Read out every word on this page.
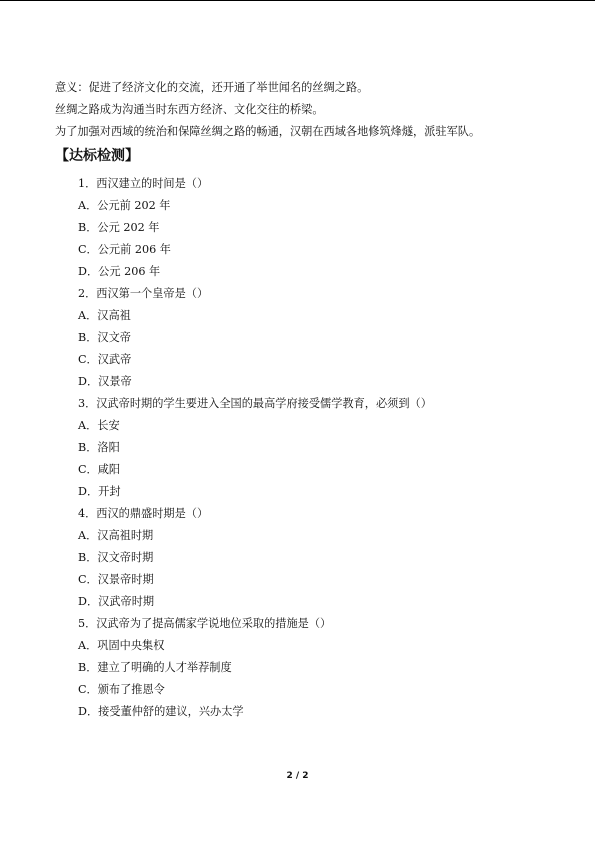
意义：促进了经济文化的交流，还开通了举世闻名的丝绸之路。

丝绸之路成为沟通当时东西方经济、文化交往的桥梁。

为了加强对西域的统治和保障丝绸之路的畅通，汉朝在西域各地修筑烽燧，派驻军队。

【达标检测】
1．西汉建立的时间是（）
A．公元前 202 年
B．公元 202 年
C．公元前 206 年
D．公元 206 年
2．西汉第一个皇帝是（）
A．汉高祖
B．汉文帝
C．汉武帝
D．汉景帝
3．汉武帝时期的学生要进入全国的最高学府接受儒学教育，必须到（）
A．长安
B．洛阳
C．咸阳
D．开封
4．西汉的鼎盛时期是（）
A．汉高祖时期
B．汉文帝时期
C．汉景帝时期
D．汉武帝时期
5．汉武帝为了提高儒家学说地位采取的措施是（）
A．巩固中央集权
B．建立了明确的人才举荐制度
C．颁布了推恩令
D．接受董仲舒的建议，兴办太学
2 / 2
